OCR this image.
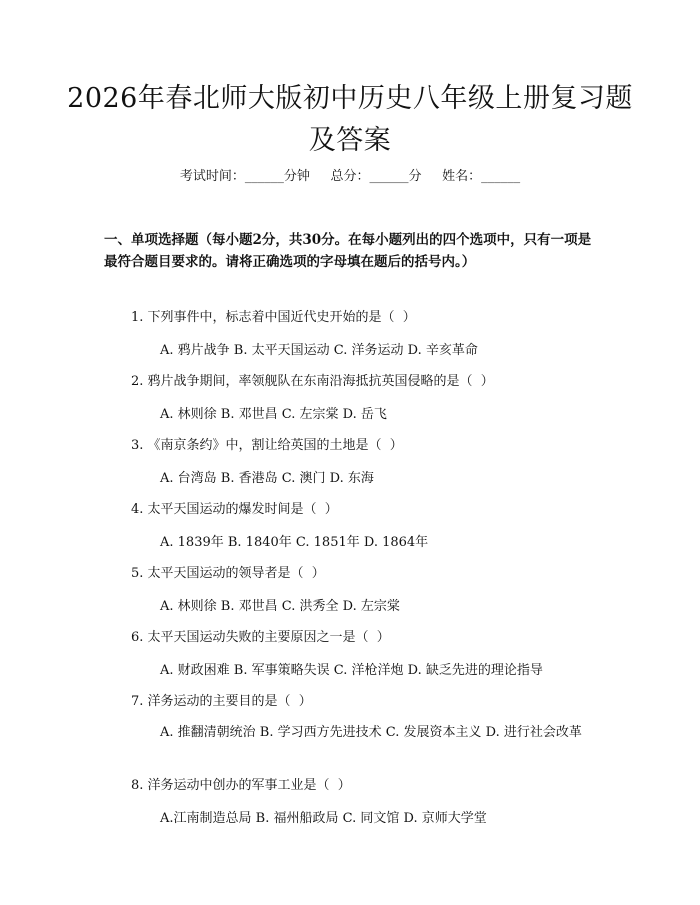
2026年春北师大版初中历史八年级上册复习题及答案
考试时间：______分钟     总分：______分     姓名：______
一、单项选择题（每小题2分，共30分。在每小题列出的四个选项中，只有一项是最符合题目要求的。请将正确选项的字母填在题后的括号内。）
1. 下列事件中，标志着中国近代史开始的是（  ）
A. 鸦片战争 B. 太平天国运动 C. 洋务运动 D. 辛亥革命
2. 鸦片战争期间，率领舰队在东南沿海抵抗英国侵略的是（  ）
A. 林则徐 B. 邓世昌 C. 左宗棠 D. 岳飞
3. 《南京条约》中，割让给英国的土地是（  ）
A. 台湾岛 B. 香港岛 C. 澳门 D. 东海
4. 太平天国运动的爆发时间是（  ）
A. 1839年 B. 1840年 C. 1851年 D. 1864年
5. 太平天国运动的领导者是（  ）
A. 林则徐 B. 邓世昌 C. 洪秀全 D. 左宗棠
6. 太平天国运动失败的主要原因之一是（  ）
A. 财政困难 B. 军事策略失误 C. 洋枪洋炮 D. 缺乏先进的理论指导
7. 洋务运动的主要目的是（  ）
A. 推翻清朝统治 B. 学习西方先进技术 C. 发展资本主义 D. 进行社会改革
8. 洋务运动中创办的军事工业是（  ）
A.江南制造总局 B. 福州船政局 C. 同文馆 D. 京师大学堂
